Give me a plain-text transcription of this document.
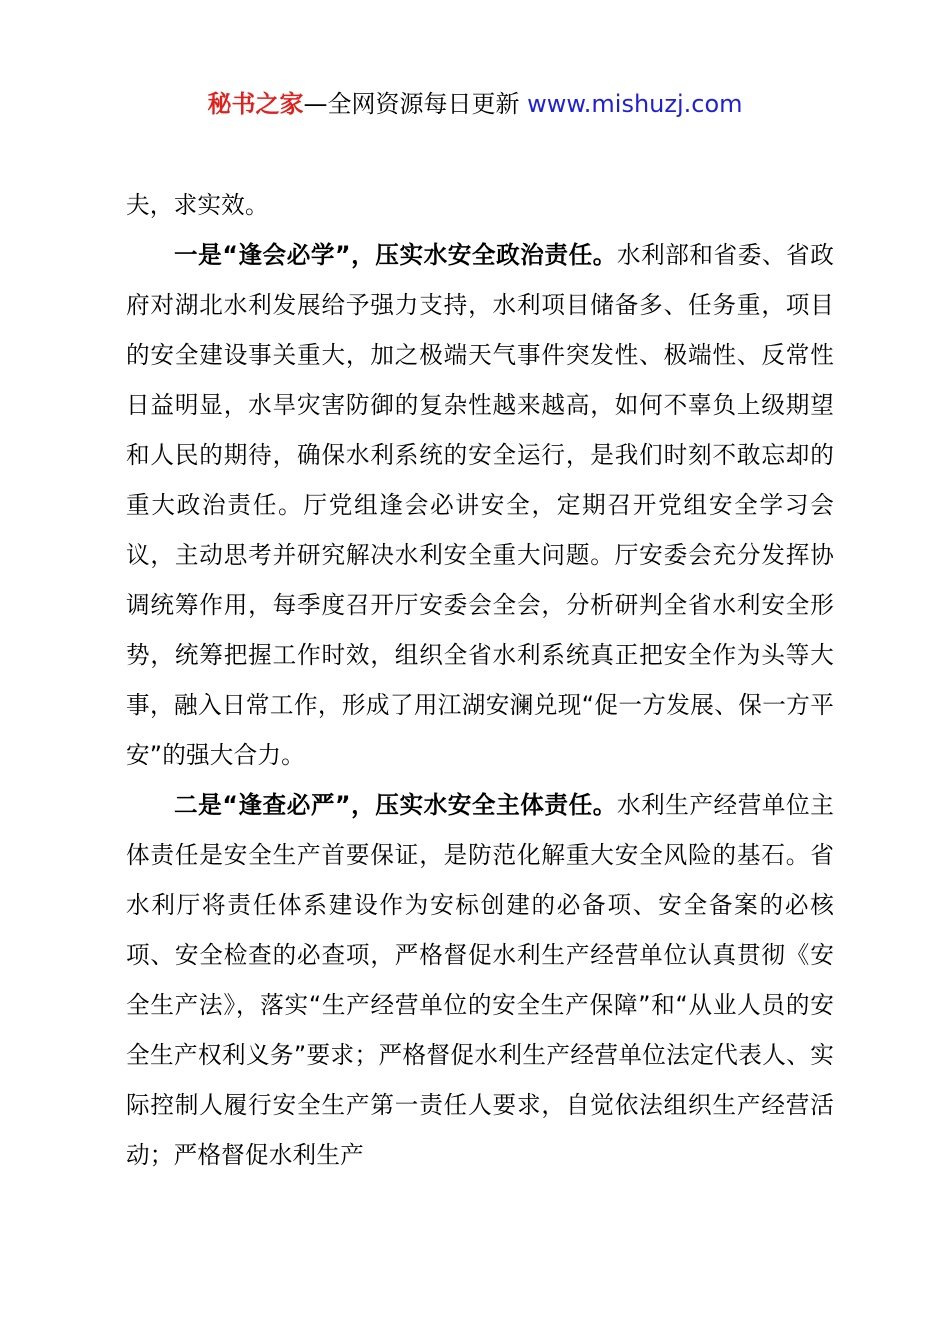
秘书之家—全网资源每日更新 www.mishuzj.com

夫，求实效。

一是“逢会必学”，压实水安全政治责任。水利部和省委、省政府对湖北水利发展给予强力支持，水利项目储备多、任务重，项目的安全建设事关重大，加之极端天气事件突发性、极端性、反常性日益明显，水旱灾害防御的复杂性越来越高，如何不辜负上级期望和人民的期待，确保水利系统的安全运行，是我们时刻不敢忘却的重大政治责任。厅党组逢会必讲安全，定期召开党组安全学习会议，主动思考并研究解决水利安全重大问题。厅安委会充分发挥协调统筹作用，每季度召开厅安委会全会，分析研判全省水利安全形势，统筹把握工作时效，组织全省水利系统真正把安全作为头等大事，融入日常工作，形成了用江湖安澜兑现“促一方发展、保一方平安”的强大合力。

二是“逢查必严”，压实水安全主体责任。水利生产经营单位主体责任是安全生产首要保证，是防范化解重大安全风险的基石。省水利厅将责任体系建设作为安标创建的必备项、安全备案的必核项、安全检查的必查项，严格督促水利生产经营单位认真贯彻《安全生产法》，落实“生产经营单位的安全生产保障”和“从业人员的安全生产权利义务”要求；严格督促水利生产经营单位法定代表人、实际控制人履行安全生产第一责任人要求，自觉依法组织生产经营活动；严格督促水利生产
